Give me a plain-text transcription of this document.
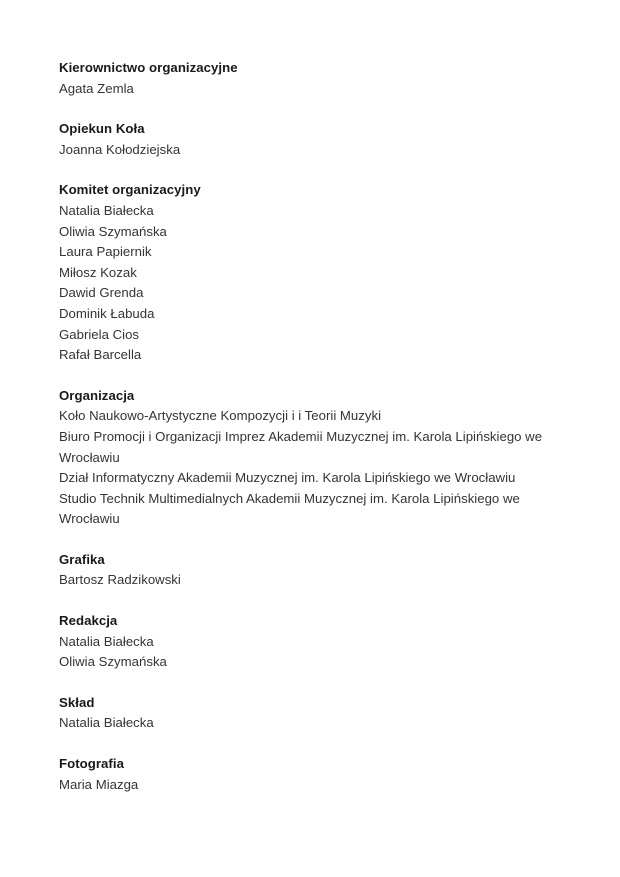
Kierownictwo organizacyjne
Agata Zemla
Opiekun Koła
Joanna Kołodziejska
Komitet organizacyjny
Natalia Białecka
Oliwia Szymańska
Laura Papiernik
Miłosz Kozak
Dawid Grenda
Dominik Łabuda
Gabriela Cios
Rafał Barcella
Organizacja
Koło Naukowo-Artystyczne Kompozycji i i Teorii Muzyki
Biuro Promocji i Organizacji Imprez Akademii Muzycznej im. Karola Lipińskiego we Wrocławiu
Dział Informatyczny Akademii Muzycznej im. Karola Lipińskiego we Wrocławiu
Studio Technik Multimedialnych Akademii Muzycznej im. Karola Lipińskiego we Wrocławiu
Grafika
Bartosz Radzikowski
Redakcja
Natalia Białecka
Oliwia Szymańska
Skład
Natalia Białecka
Fotografia
Maria Miazga
